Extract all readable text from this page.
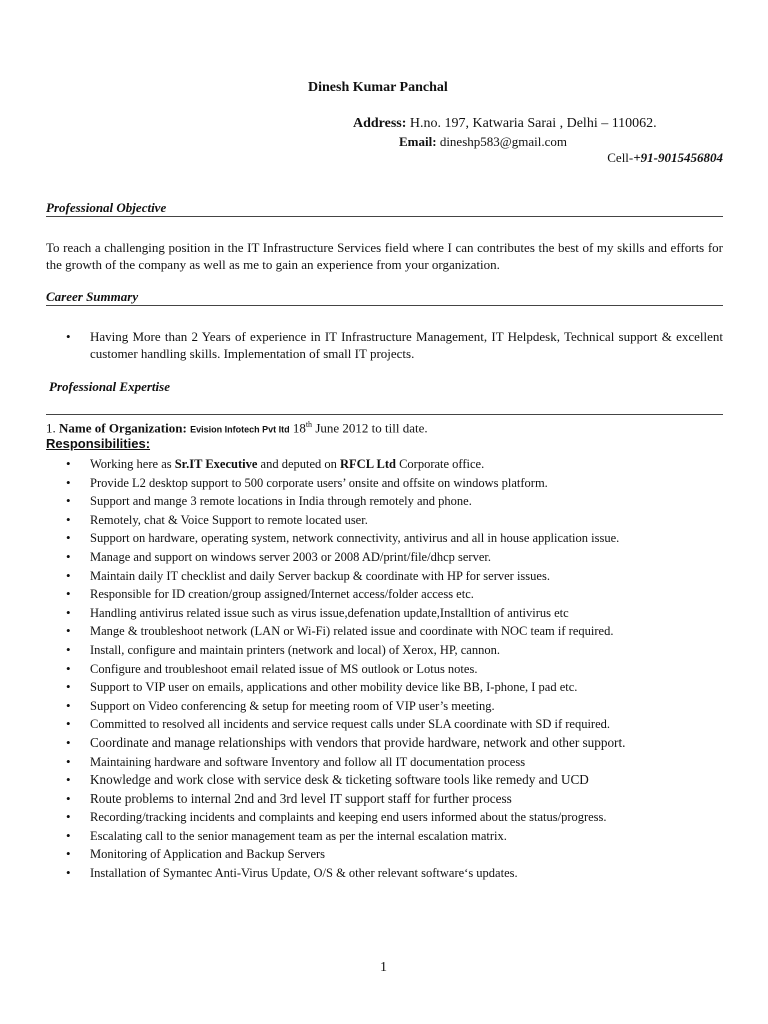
Dinesh Kumar Panchal
Address: H.no. 197, Katwaria Sarai , Delhi – 110062.
Email: dineshp583@gmail.com
Cell-+91-9015456804
Professional Objective
To reach a challenging position in the IT Infrastructure Services field where I can contributes the best of my skills and efforts for the growth of the company as well as me to gain an experience from your organization.
Career Summary
• Having More than 2 Years of experience in IT Infrastructure Management, IT Helpdesk, Technical support & excellent customer handling skills. Implementation of small IT projects.
Professional Expertise
1. Name of Organization: Evision Infotech Pvt ltd 18th June 2012 to till date.
Responsibilities:
• Working here as Sr.IT Executive and deputed on RFCL Ltd Corporate office.
• Provide L2 desktop support to 500 corporate users’ onsite and offsite on windows platform.
• Support and mange 3 remote locations in India through remotely and phone.
• Remotely, chat & Voice Support to remote located user.
• Support on hardware, operating system, network connectivity, antivirus and all in house application issue.
• Manage and support on windows server 2003 or 2008 AD/print/file/dhcp server.
• Maintain daily IT checklist and daily Server backup & coordinate with HP for server issues.
• Responsible for ID creation/group assigned/Internet access/folder access etc.
• Handling antivirus related issue such as virus issue,defenation update,Installtion of antivirus etc
• Mange & troubleshoot network (LAN or Wi-Fi) related issue and coordinate with NOC team if required.
• Install, configure and maintain printers (network and local) of Xerox, HP, cannon.
• Configure and troubleshoot email related issue of MS outlook or Lotus notes.
• Support to VIP user on emails, applications and other mobility device like BB, I-phone, I pad etc.
• Support on Video conferencing & setup for meeting room of VIP user’s meeting.
• Committed to resolved all incidents and service request calls under SLA coordinate with SD if required.
• Coordinate and manage relationships with vendors that provide hardware, network and other support.
• Maintaining hardware and software Inventory and follow all IT documentation process
• Knowledge and work close with service desk & ticketing software tools like remedy and UCD
• Route problems to internal 2nd and 3rd level IT support staff for further process
• Recording/tracking incidents and complaints and keeping end users informed about the status/progress.
• Escalating call to the senior management team as per the internal escalation matrix.
• Monitoring of Application and Backup Servers
• Installation of Symantec Anti-Virus Update, O/S & other relevant software‘s updates.
1
